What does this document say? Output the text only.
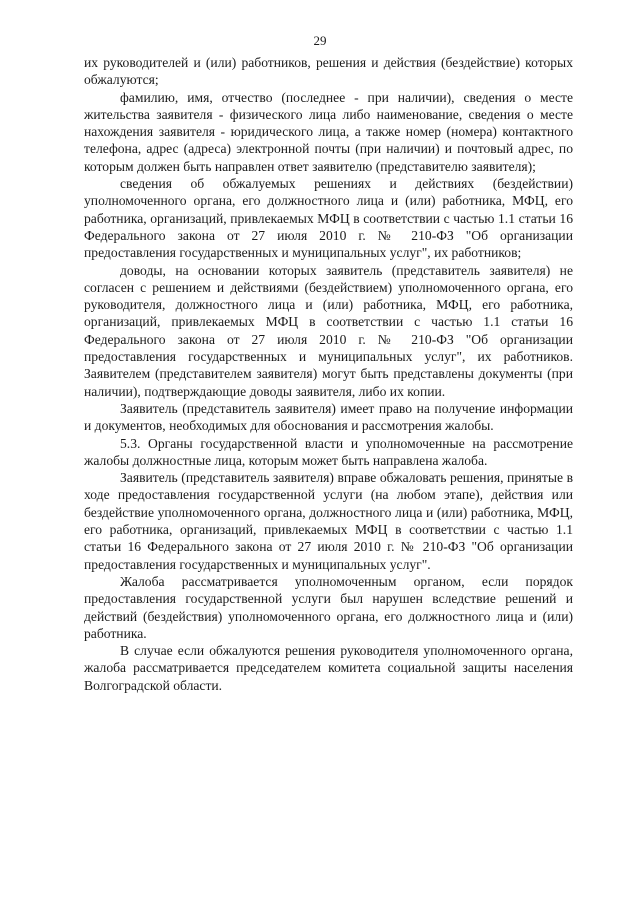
29

их руководителей и (или) работников, решения и действия (бездействие) которых обжалуются;

фамилию, имя, отчество (последнее - при наличии), сведения о месте жительства заявителя - физического лица либо наименование, сведения о месте нахождения заявителя - юридического лица, а также номер (номера) контактного телефона, адрес (адреса) электронной почты (при наличии) и почтовый адрес, по которым должен быть направлен ответ заявителю (представителю заявителя);

сведения об обжалуемых решениях и действиях (бездействии) уполномоченного органа, его должностного лица и (или) работника, МФЦ, его работника, организаций, привлекаемых МФЦ в соответствии с частью 1.1 статьи 16 Федерального закона от 27 июля 2010 г. № 210-ФЗ "Об организации предоставления государственных и муниципальных услуг", их работников;

доводы, на основании которых заявитель (представитель заявителя) не согласен с решением и действиями (бездействием) уполномоченного органа, его руководителя, должностного лица и (или) работника, МФЦ, его работника, организаций, привлекаемых МФЦ в соответствии с частью 1.1 статьи 16 Федерального закона от 27 июля 2010 г. № 210-ФЗ "Об организации предоставления государственных и муниципальных услуг", их работников. Заявителем (представителем заявителя) могут быть представлены документы (при наличии), подтверждающие доводы заявителя, либо их копии.

Заявитель (представитель заявителя) имеет право на получение информации и документов, необходимых для обоснования и рассмотрения жалобы.

5.3. Органы государственной власти и уполномоченные на рассмотрение жалобы должностные лица, которым может быть направлена жалоба.

Заявитель (представитель заявителя) вправе обжаловать решения, принятые в ходе предоставления государственной услуги (на любом этапе), действия или бездействие уполномоченного органа, должностного лица и (или) работника, МФЦ, его работника, организаций, привлекаемых МФЦ в соответствии с частью 1.1 статьи 16 Федерального закона от 27 июля 2010 г. № 210-ФЗ "Об организации предоставления государственных и муниципальных услуг".

Жалоба рассматривается уполномоченным органом, если порядок предоставления государственной услуги был нарушен вследствие решений и действий (бездействия) уполномоченного органа, его должностного лица и (или) работника.

В случае если обжалуются решения руководителя уполномоченного органа, жалоба рассматривается председателем комитета социальной защиты населения Волгоградской области.
